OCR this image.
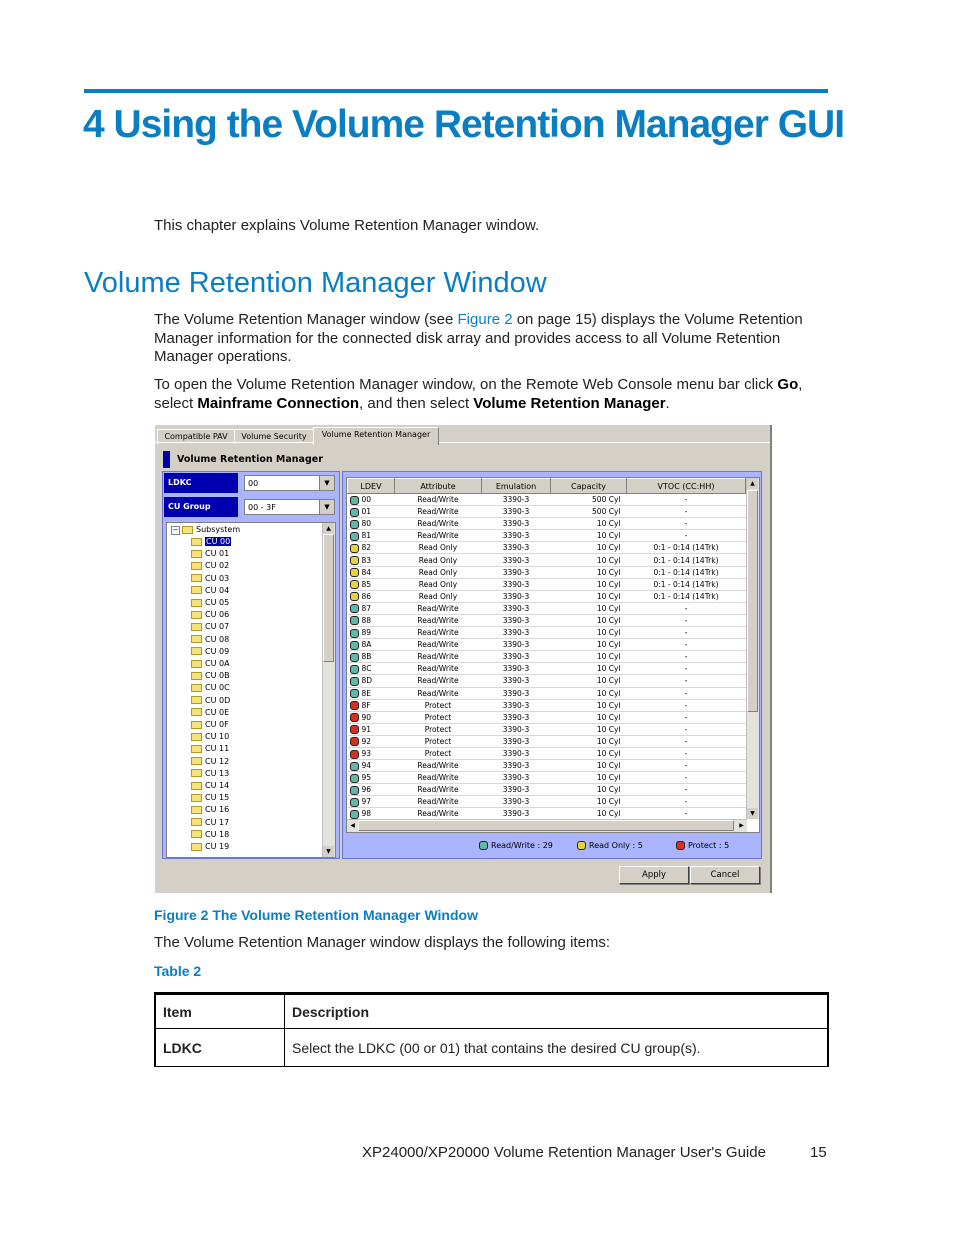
4 Using the Volume Retention Manager GUI

This chapter explains Volume Retention Manager window.

Volume Retention Manager Window

The Volume Retention Manager window (see Figure 2 on page 15) displays the Volume Retention Manager information for the connected disk array and provides access to all Volume Retention Manager operations.

To open the Volume Retention Manager window, on the Remote Web Console menu bar click Go, select Mainframe Connection, and then select Volume Retention Manager.

Compatible PAV	Volume Security	Volume Retention Manager
Volume Retention Manager
LDKC	00	▼
CU Group	00 - 3F	▼
− Subsystem
CU 00
CU 01
CU 02
CU 03
CU 04
CU 05
CU 06
CU 07
CU 08
CU 09
CU 0A
CU 0B
CU 0C
CU 0D
CU 0E
CU 0F
CU 10
CU 11
CU 12
CU 13
CU 14
CU 15
CU 16
CU 17
CU 18
CU 19
▲
▼
LDEV	Attribute	Emulation	Capacity	VTOC (CC:HH)
00	Read/Write	3390-3	500 Cyl	-
01	Read/Write	3390-3	500 Cyl	-
80	Read/Write	3390-3	10 Cyl	-
81	Read/Write	3390-3	10 Cyl	-
82	Read Only	3390-3	10 Cyl	0:1 - 0:14 (14Trk)
83	Read Only	3390-3	10 Cyl	0:1 - 0:14 (14Trk)
84	Read Only	3390-3	10 Cyl	0:1 - 0:14 (14Trk)
85	Read Only	3390-3	10 Cyl	0:1 - 0:14 (14Trk)
86	Read Only	3390-3	10 Cyl	0:1 - 0:14 (14Trk)
87	Read/Write	3390-3	10 Cyl	-
88	Read/Write	3390-3	10 Cyl	-
89	Read/Write	3390-3	10 Cyl	-
8A	Read/Write	3390-3	10 Cyl	-
8B	Read/Write	3390-3	10 Cyl	-
8C	Read/Write	3390-3	10 Cyl	-
8D	Read/Write	3390-3	10 Cyl	-
8E	Read/Write	3390-3	10 Cyl	-
8F	Protect	3390-3	10 Cyl	-
90	Protect	3390-3	10 Cyl	-
91	Protect	3390-3	10 Cyl	-
92	Protect	3390-3	10 Cyl	-
93	Protect	3390-3	10 Cyl	-
94	Read/Write	3390-3	10 Cyl	-
95	Read/Write	3390-3	10 Cyl	-
96	Read/Write	3390-3	10 Cyl	-
97	Read/Write	3390-3	10 Cyl	-
98	Read/Write	3390-3	10 Cyl	-
▲
▼
◀	▶
Read/Write : 29	Read Only : 5	Protect : 5
Apply	Cancel

Figure 2 The Volume Retention Manager Window

The Volume Retention Manager window displays the following items:

Table 2

Item	Description
LDKC	Select the LDKC (00 or 01) that contains the desired CU group(s).
XP24000/XP20000 Volume Retention Manager User's Guide	15
